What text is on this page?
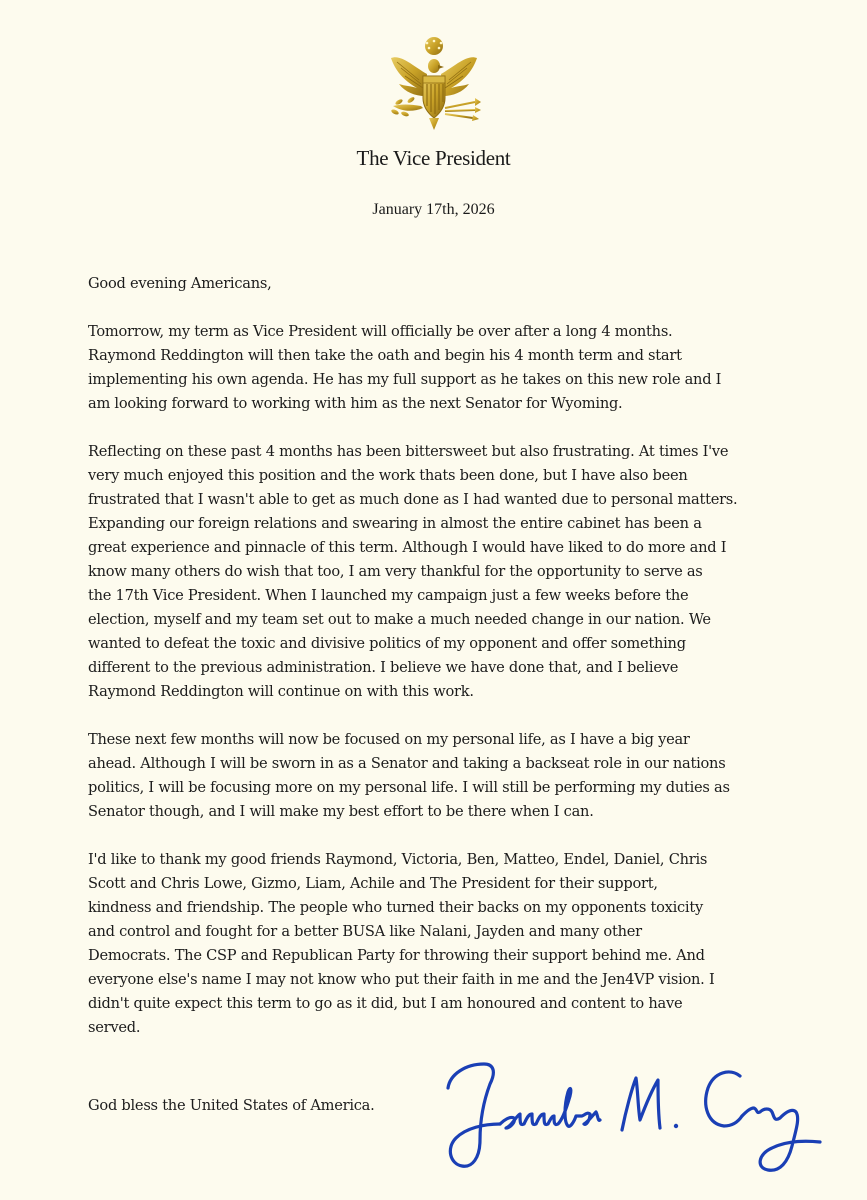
The Vice President
January 17th, 2026

Good evening Americans,

Tomorrow, my term as Vice President will officially be over after a long 4 months.
Raymond Reddington will then take the oath and begin his 4 month term and start
implementing his own agenda. He has my full support as he takes on this new role and I
am looking forward to working with him as the next Senator for Wyoming.

Reflecting on these past 4 months has been bittersweet but also frustrating. At times I've
very much enjoyed this position and the work thats been done, but I have also been
frustrated that I wasn't able to get as much done as I had wanted due to personal matters.
Expanding our foreign relations and swearing in almost the entire cabinet has been a
great experience and pinnacle of this term. Although I would have liked to do more and I
know many others do wish that too, I am very thankful for the opportunity to serve as
the 17th Vice President. When I launched my campaign just a few weeks before the
election, myself and my team set out to make a much needed change in our nation. We
wanted to defeat the toxic and divisive politics of my opponent and offer something
different to the previous administration. I believe we have done that, and I believe
Raymond Reddington will continue on with this work.

These next few months will now be focused on my personal life, as I have a big year
ahead. Although I will be sworn in as a Senator and taking a backseat role in our nations
politics, I will be focusing more on my personal life. I will still be performing my duties as
Senator though, and I will make my best effort to be there when I can.

I'd like to thank my good friends Raymond, Victoria, Ben, Matteo, Endel, Daniel, Chris
Scott and Chris Lowe, Gizmo, Liam, Achile and The President for their support,
kindness and friendship. The people who turned their backs on my opponents toxicity
and control and fought for a better BUSA like Nalani, Jayden and many other
Democrats. The CSP and Republican Party for throwing their support behind me. And
everyone else's name I may not know who put their faith in me and the Jen4VP vision. I
didn't quite expect this term to go as it did, but I am honoured and content to have
served.

God bless the United States of America.
